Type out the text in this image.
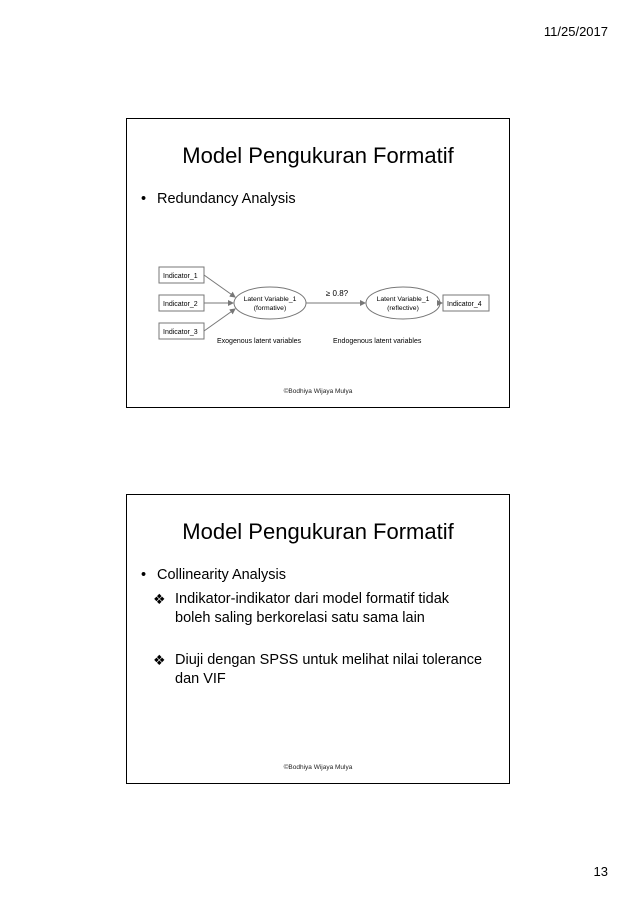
11/25/2017
Model Pengukuran Formatif
• Redundancy Analysis
Indicator_1
Indicator_2
Indicator_3
Latent Variable_1
(formative)
≥ 0.8?
Latent Variable_1
(reflective)
Indicator_4
Exogenous latent variables	Endogenous latent variables
©Bodhiya Wijaya Mulya
Model Pengukuran Formatif
• Collinearity Analysis
❖ Indikator-indikator dari model formatif tidak boleh saling berkorelasi satu sama lain
❖ Diuji dengan SPSS untuk melihat nilai tolerance dan VIF
©Bodhiya Wijaya Mulya
13
